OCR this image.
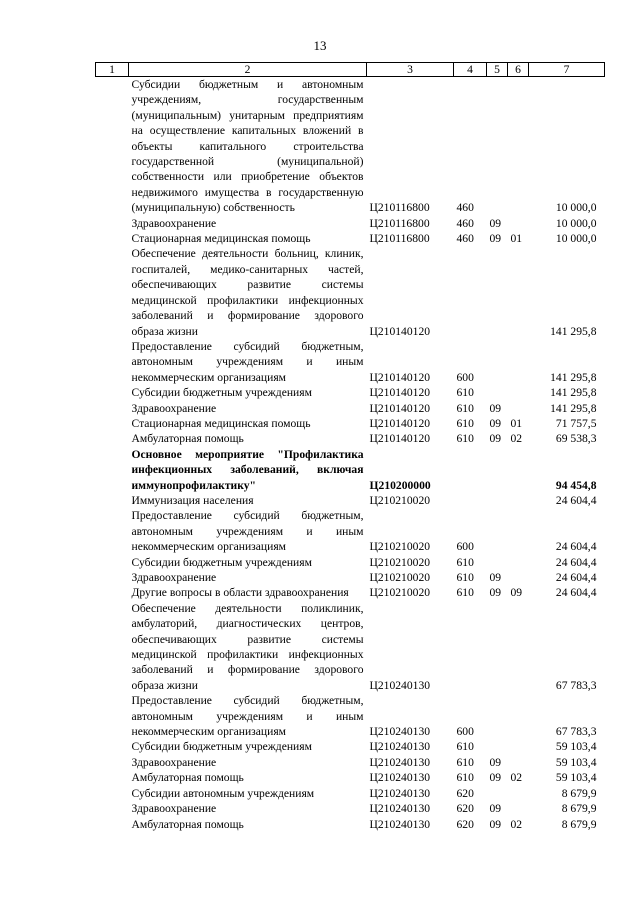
13
1	2	3	4	5	6	7
	Субсидии бюджетным и автономным учреждениям, государственным (муниципальным) унитарным предприятиям на осуществление капитальных вложений в объекты капитального строительства государственной (муниципальной) собственности или приобретение объектов недвижимого имущества в государственную (муниципальную) собственность	Ц210116800	460			10 000,0
	Здравоохранение	Ц210116800	460	09		10 000,0
	Стационарная медицинская помощь	Ц210116800	460	09	01	10 000,0
	Обеспечение деятельности больниц, клиник, госпиталей, медико-санитарных частей, обеспечивающих развитие системы медицинской профилактики инфекционных заболеваний и формирование здорового образа жизни	Ц210140120				141 295,8
	Предоставление субсидий бюджетным, автономным учреждениям и иным некоммерческим организациям	Ц210140120	600			141 295,8
	Субсидии бюджетным учреждениям	Ц210140120	610			141 295,8
	Здравоохранение	Ц210140120	610	09		141 295,8
	Стационарная медицинская помощь	Ц210140120	610	09	01	71 757,5
	Амбулаторная помощь	Ц210140120	610	09	02	69 538,3
	Основное мероприятие "Профилактика инфекционных заболеваний, включая иммунопрофилактику"	Ц210200000				94 454,8
	Иммунизация населения	Ц210210020				24 604,4
	Предоставление субсидий бюджетным, автономным учреждениям и иным некоммерческим организациям	Ц210210020	600			24 604,4
	Субсидии бюджетным учреждениям	Ц210210020	610			24 604,4
	Здравоохранение	Ц210210020	610	09		24 604,4
	Другие вопросы в области здравоохранения	Ц210210020	610	09	09	24 604,4
	Обеспечение деятельности поликлиник, амбулаторий, диагностических центров, обеспечивающих развитие системы медицинской профилактики инфекционных заболеваний и формирование здорового образа жизни	Ц210240130				67 783,3
	Предоставление субсидий бюджетным, автономным учреждениям и иным некоммерческим организациям	Ц210240130	600			67 783,3
	Субсидии бюджетным учреждениям	Ц210240130	610			59 103,4
	Здравоохранение	Ц210240130	610	09		59 103,4
	Амбулаторная помощь	Ц210240130	610	09	02	59 103,4
	Субсидии автономным учреждениям	Ц210240130	620			8 679,9
	Здравоохранение	Ц210240130	620	09		8 679,9
	Амбулаторная помощь	Ц210240130	620	09	02	8 679,9
